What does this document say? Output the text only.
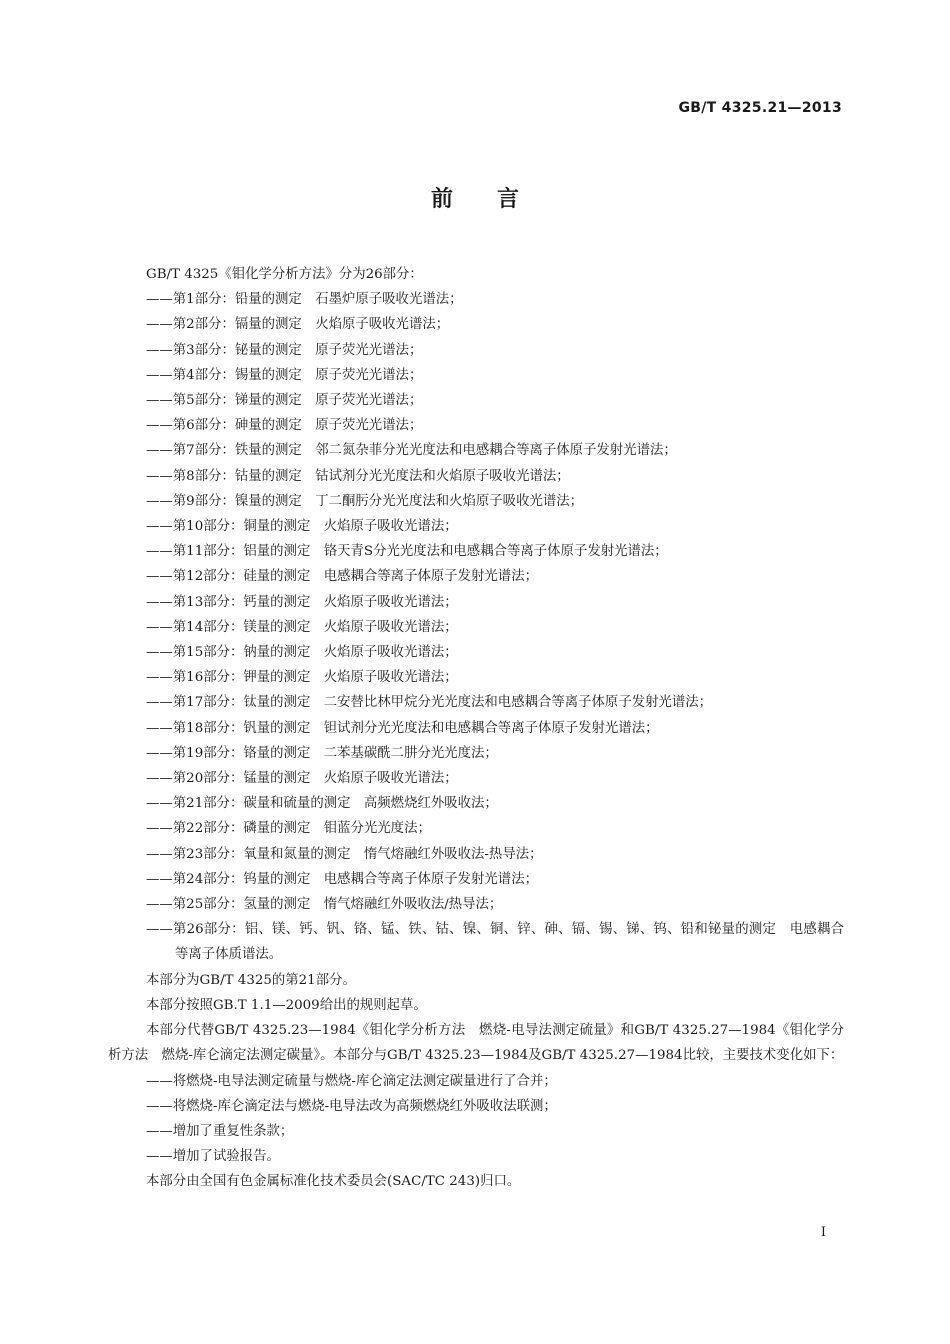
GB/T 4325.21—2013
前言
GB/T 4325《钼化学分析方法》分为26部分：
——第1部分：铅量的测定　石墨炉原子吸收光谱法；
——第2部分：镉量的测定　火焰原子吸收光谱法；
——第3部分：铋量的测定　原子荧光光谱法；
——第4部分：锡量的测定　原子荧光光谱法；
——第5部分：锑量的测定　原子荧光光谱法；
——第6部分：砷量的测定　原子荧光光谱法；
——第7部分：铁量的测定　邻二氮杂菲分光光度法和电感耦合等离子体原子发射光谱法；
——第8部分：钴量的测定　钴试剂分光光度法和火焰原子吸收光谱法；
——第9部分：镍量的测定　丁二酮肟分光光度法和火焰原子吸收光谱法；
——第10部分：铜量的测定　火焰原子吸收光谱法；
——第11部分：铝量的测定　铬天青S分光光度法和电感耦合等离子体原子发射光谱法；
——第12部分：硅量的测定　电感耦合等离子体原子发射光谱法；
——第13部分：钙量的测定　火焰原子吸收光谱法；
——第14部分：镁量的测定　火焰原子吸收光谱法；
——第15部分：钠量的测定　火焰原子吸收光谱法；
——第16部分：钾量的测定　火焰原子吸收光谱法；
——第17部分：钛量的测定　二安替比林甲烷分光光度法和电感耦合等离子体原子发射光谱法；
——第18部分：钒量的测定　钽试剂分光光度法和电感耦合等离子体原子发射光谱法；
——第19部分：铬量的测定　二苯基碳酰二肼分光光度法；
——第20部分：锰量的测定　火焰原子吸收光谱法；
——第21部分：碳量和硫量的测定　高频燃烧红外吸收法；
——第22部分：磷量的测定　钼蓝分光光度法；
——第23部分：氧量和氮量的测定　惰气熔融红外吸收法-热导法；
——第24部分：钨量的测定　电感耦合等离子体原子发射光谱法；
——第25部分：氢量的测定　惰气熔融红外吸收法/热导法；
——第26部分：铝、镁、钙、钒、铬、锰、铁、钴、镍、铜、锌、砷、镉、锡、锑、钨、铅和铋量的测定　电感耦合等离子体质谱法。
本部分为GB/T 4325的第21部分。
本部分按照GB.T 1.1—2009给出的规则起草。
本部分代替GB/T 4325.23—1984《钼化学分析方法　燃烧-电导法测定硫量》和GB/T 4325.27—1984《钼化学分析方法　燃烧-库仑滴定法测定碳量》。本部分与GB/T 4325.23—1984及GB/T 4325.27—1984比较，主要技术变化如下：
——将燃烧-电导法测定硫量与燃烧-库仑滴定法测定碳量进行了合并；
——将燃烧-库仑滴定法与燃烧-电导法改为高频燃烧红外吸收法联测；
——增加了重复性条款；
——增加了试验报告。
本部分由全国有色金属标准化技术委员会(SAC/TC 243)归口。
I
